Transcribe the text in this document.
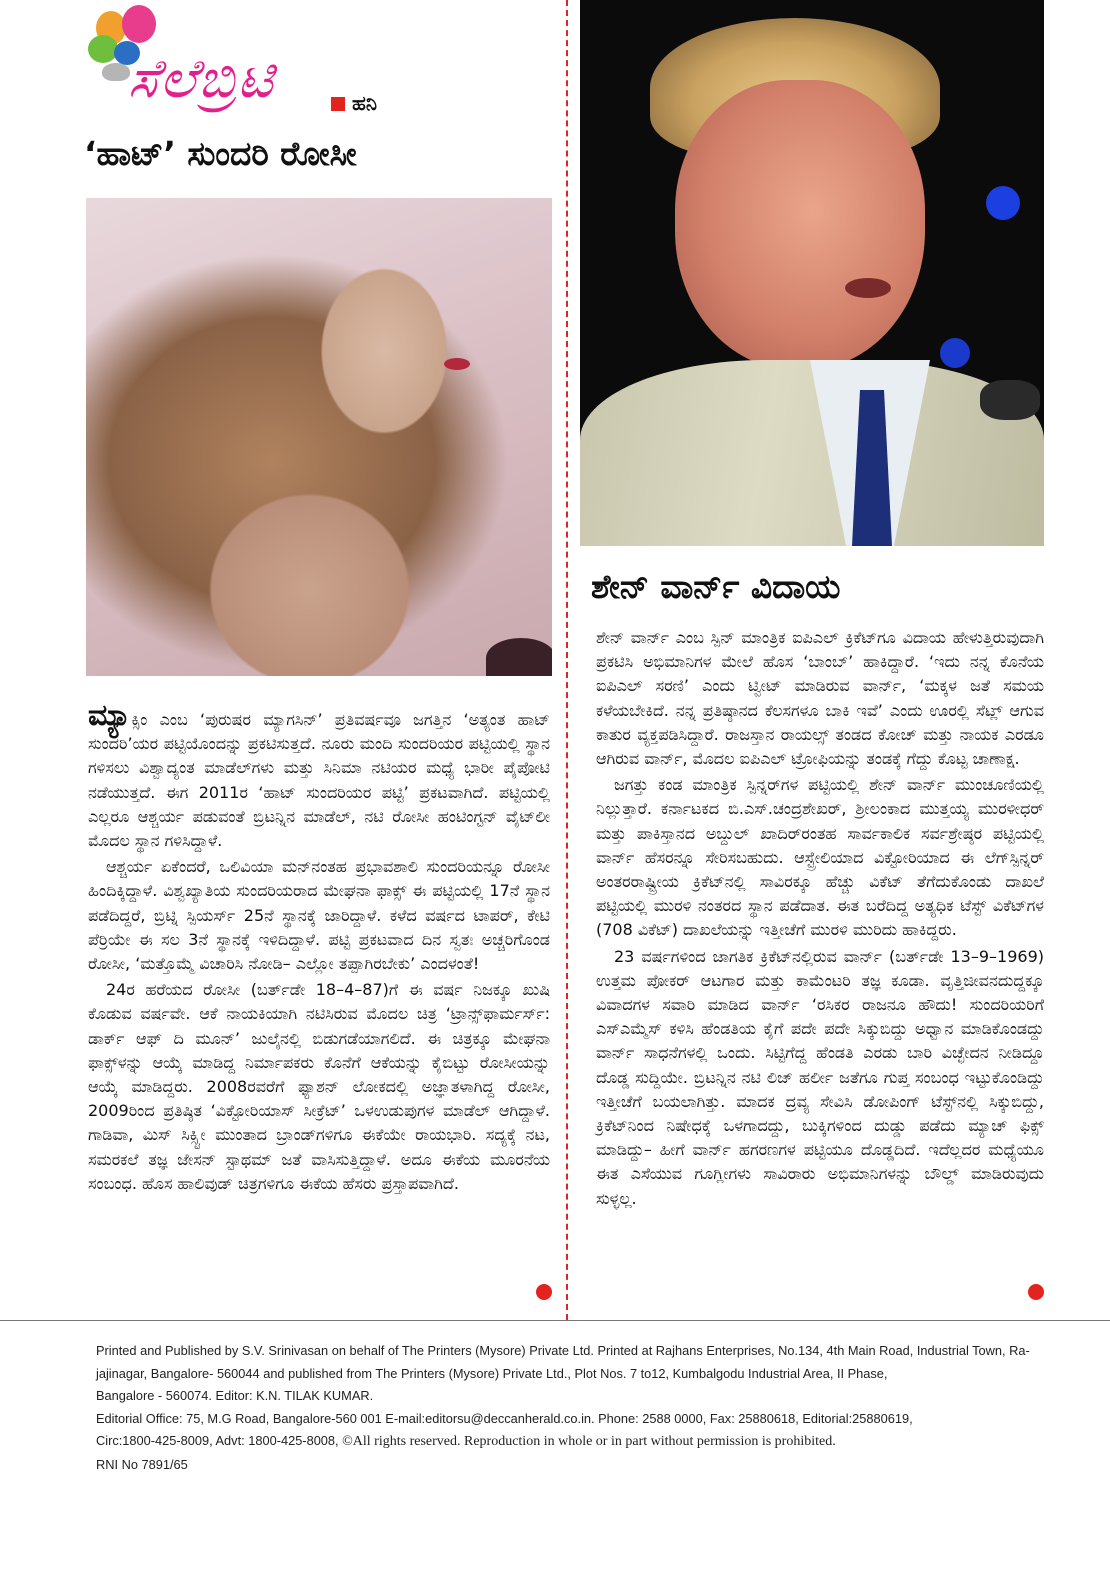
ಸೆಲೆಬ್ರಿಟಿ	ಹನಿ
‘ಹಾಟ್’ ಸುಂದರಿ ರೋಸೀ

ಮ್ಯಾಕ್ಸಿಂ ಎಂಬ ‘ಪುರುಷರ ಮ್ಯಾಗಸಿನ್’ ಪ್ರತಿವರ್ಷವೂ ಜಗತ್ತಿನ ‘ಅತ್ಯಂತ ಹಾಟ್ ಸುಂದರಿ’ಯರ ಪಟ್ಟಿಯೊಂದನ್ನು ಪ್ರಕಟಿಸುತ್ತದೆ. ನೂರು ಮಂದಿ ಸುಂದರಿಯರ ಪಟ್ಟಿಯಲ್ಲಿ ಸ್ಥಾನ ಗಳಿಸಲು ವಿಶ್ವಾದ್ಯಂತ ಮಾಡೆಲ್‌ಗಳು ಮತ್ತು ಸಿನಿಮಾ ನಟಿಯರ ಮಧ್ಯೆ ಭಾರೀ ಪೈಪೋಟಿ ನಡೆಯುತ್ತದೆ. ಈಗ 2011ರ ‘ಹಾಟ್ ಸುಂದರಿಯರ ಪಟ್ಟಿ’ ಪ್ರಕಟವಾಗಿದೆ. ಪಟ್ಟಿಯಲ್ಲಿ ಎಲ್ಲರೂ ಆಶ್ಚರ್ಯ ಪಡುವಂತೆ ಬ್ರಿಟನ್ನಿನ ಮಾಡೆಲ್, ನಟಿ ರೋಸೀ ಹಂಟಿಂಗ್ಟನ್ ವೈಟ್‌ಲೀ ಮೊದಲ ಸ್ಥಾನ ಗಳಿಸಿದ್ದಾಳೆ.

ಆಶ್ಚರ್ಯ ಏಕೆಂದರೆ, ಒಲಿವಿಯಾ ಮನ್‌ನಂತಹ ಪ್ರಭಾವಶಾಲಿ ಸುಂದರಿಯನ್ನೂ ರೋಸೀ ಹಿಂದಿಕ್ಕಿದ್ದಾಳೆ. ವಿಶ್ವಖ್ಯಾತಿಯ ಸುಂದರಿಯರಾದ ಮೇಘನಾ ಫಾಕ್ಸ್ ಈ ಪಟ್ಟಿಯಲ್ಲಿ 17ನೆ ಸ್ಥಾನ ಪಡೆದಿದ್ದರೆ, ಬ್ರಿಟ್ನಿ ಸ್ಪಿಯರ್ಸ್ 25ನೆ ಸ್ಥಾನಕ್ಕೆ ಜಾರಿದ್ದಾಳೆ. ಕಳೆದ ವರ್ಷದ ಟಾಪರ್, ಕೇಟಿ ಪೆರ್ರಿಯೇ ಈ ಸಲ 3ನೆ ಸ್ಥಾನಕ್ಕೆ ಇಳಿದಿದ್ದಾಳೆ. ಪಟ್ಟಿ ಪ್ರಕಟವಾದ ದಿನ ಸ್ವತಃ ಅಚ್ಚರಿಗೊಂಡ ರೋಸೀ, ‘ಮತ್ತೊಮ್ಮೆ ವಿಚಾರಿಸಿ ನೋಡಿ– ಎಲ್ಲೋ ತಪ್ಪಾಗಿರಬೇಕು’ ಎಂದಳಂತೆ!

24ರ ಹರೆಯದ ರೋಸೀ (ಬರ್ತ್‌ಡೇ 18–4–87)ಗೆ ಈ ವರ್ಷ ನಿಜಕ್ಕೂ ಖುಷಿ ಕೊಡುವ ವರ್ಷವೇ. ಆಕೆ ನಾಯಕಿಯಾಗಿ ನಟಿಸಿರುವ ಮೊದಲ ಚಿತ್ರ ‘ಟ್ರಾನ್ಸ್‌ಫಾರ್ಮರ್ಸ್: ಡಾರ್ಕ್ ಆಫ್ ದಿ ಮೂನ್’ ಜುಲೈನಲ್ಲಿ ಬಿಡುಗಡೆಯಾಗಲಿದೆ. ಈ ಚಿತ್ರಕ್ಕೂ ಮೇಘನಾ ಫಾಕ್ಸ್‌ಳನ್ನು ಆಯ್ಕೆ ಮಾಡಿದ್ದ ನಿರ್ಮಾಪಕರು ಕೊನೆಗೆ ಆಕೆಯನ್ನು ಕೈಬಿಟ್ಟು ರೋಸೀಯನ್ನು ಆಯ್ಕೆ ಮಾಡಿದ್ದರು. 2008ರವರೆಗೆ ಫ್ಯಾಶನ್ ಲೋಕದಲ್ಲಿ ಅಜ್ಞಾತಳಾಗಿದ್ದ ರೋಸೀ, 2009ರಿಂದ ಪ್ರತಿಷ್ಠಿತ ‘ವಿಕ್ಟೋರಿಯಾಸ್ ಸೀಕ್ರೆಟ್’ ಒಳಉಡುಪುಗಳ ಮಾಡೆಲ್ ಆಗಿದ್ದಾಳೆ. ಗಾಡಿವಾ, ಮಿಸ್ ಸಿಕ್ಸ್ಟೀ ಮುಂತಾದ ಬ್ರಾಂಡ್‌ಗಳಿಗೂ ಈಕೆಯೇ ರಾಯಭಾರಿ. ಸದ್ಯಕ್ಕೆ ನಟ, ಸಮರಕಲೆ ತಜ್ಞ ಜೇಸನ್ ಸ್ಟಾಥಮ್ ಜತೆ ವಾಸಿಸುತ್ತಿದ್ದಾಳೆ. ಅದೂ ಈಕೆಯ ಮೂರನೆಯ ಸಂಬಂಧ. ಹೊಸ ಹಾಲಿವುಡ್ ಚಿತ್ರಗಳಿಗೂ ಈಕೆಯ ಹೆಸರು ಪ್ರಸ್ತಾಪವಾಗಿದೆ.

ಶೇನ್ ವಾರ್ನ್ ವಿದಾಯ

ಶೇನ್ ವಾರ್ನ್ ಎಂಬ ಸ್ಪಿನ್ ಮಾಂತ್ರಿಕ ಐಪಿಎಲ್ ಕ್ರಿಕೆಟ್‌ಗೂ ವಿದಾಯ ಹೇಳುತ್ತಿರುವುದಾಗಿ ಪ್ರಕಟಿಸಿ ಅಭಿಮಾನಿಗಳ ಮೇಲೆ ಹೊಸ ‘ಬಾಂಬ್’ ಹಾಕಿದ್ದಾರೆ. ‘ಇದು ನನ್ನ ಕೊನೆಯ ಐಪಿಎಲ್ ಸರಣಿ’ ಎಂದು ಟ್ವೀಟ್ ಮಾಡಿರುವ ವಾರ್ನ್, ‘ಮಕ್ಕಳ ಜತೆ ಸಮಯ ಕಳೆಯಬೇಕಿದೆ. ನನ್ನ ಪ್ರತಿಷ್ಠಾನದ ಕೆಲಸಗಳೂ ಬಾಕಿ ಇವೆ’ ಎಂದು ಊರಲ್ಲಿ ಸೆಟ್ಲ್ ಆಗುವ ಕಾತುರ ವ್ಯಕ್ತಪಡಿಸಿದ್ದಾರೆ. ರಾಜಸ್ತಾನ ರಾಯಲ್ಸ್ ತಂಡದ ಕೋಚ್ ಮತ್ತು ನಾಯಕ ಎರಡೂ ಆಗಿರುವ ವಾರ್ನ್, ಮೊದಲ ಐಪಿಎಲ್ ಟ್ರೋಫಿಯನ್ನು ತಂಡಕ್ಕೆ ಗೆದ್ದು ಕೊಟ್ಟ ಚಾಣಾಕ್ಷ.

ಜಗತ್ತು ಕಂಡ ಮಾಂತ್ರಿಕ ಸ್ಪಿನ್ನರ್‌ಗಳ ಪಟ್ಟಿಯಲ್ಲಿ ಶೇನ್ ವಾರ್ನ್ ಮುಂಚೂಣಿಯಲ್ಲಿ ನಿಲ್ಲುತ್ತಾರೆ. ಕರ್ನಾಟಕದ ಬಿ.ಎಸ್.ಚಂದ್ರಶೇಖರ್, ಶ್ರೀಲಂಕಾದ ಮುತ್ತಯ್ಯ ಮುರಳೀಧರ್ ಮತ್ತು ಪಾಕಿಸ್ತಾನದ ಅಬ್ದುಲ್ ಖಾದಿರ್‌ರಂತಹ ಸಾರ್ವಕಾಲಿಕ ಸರ್ವಶ್ರೇಷ್ಠರ ಪಟ್ಟಿಯಲ್ಲಿ ವಾರ್ನ್ ಹೆಸರನ್ನೂ ಸೇರಿಸಬಹುದು. ಆಸ್ಟ್ರೇಲಿಯಾದ ವಿಕ್ಟೋರಿಯಾದ ಈ ಲೆಗ್‌ಸ್ಪಿನ್ನರ್ ಅಂತರರಾಷ್ಟ್ರೀಯ ಕ್ರಿಕೆಟ್‌ನಲ್ಲಿ ಸಾವಿರಕ್ಕೂ ಹೆಚ್ಚು ವಿಕೆಟ್ ತೆಗೆದುಕೊಂಡು ದಾಖಲೆ ಪಟ್ಟಿಯಲ್ಲಿ ಮುರಳಿ ನಂತರದ ಸ್ಥಾನ ಪಡೆದಾತ. ಈತ ಬರೆದಿದ್ದ ಅತ್ಯಧಿಕ ಟೆಸ್ಟ್ ವಿಕೆಟ್‌ಗಳ (708 ವಿಕೆಟ್) ದಾಖಲೆಯನ್ನು ಇತ್ತೀಚೆಗೆ ಮುರಳಿ ಮುರಿದು ಹಾಕಿದ್ದರು.

23 ವರ್ಷಗಳಿಂದ ಜಾಗತಿಕ ಕ್ರಿಕೆಟ್‌ನಲ್ಲಿರುವ ವಾರ್ನ್ (ಬರ್ತ್‌ಡೇ 13–9–1969) ಉತ್ತಮ ಪೋಕರ್ ಆಟಗಾರ ಮತ್ತು ಕಾಮೆಂಟರಿ ತಜ್ಞ ಕೂಡಾ. ವೃತ್ತಿಜೀವನದುದ್ದಕ್ಕೂ ವಿವಾದಗಳ ಸವಾರಿ ಮಾಡಿದ ವಾರ್ನ್ ‘ರಸಿಕರ ರಾಜನೂ ಹೌದು! ಸುಂದರಿಯರಿಗೆ ಎಸ್‌ಎಮ್ಮೆಸ್ ಕಳಿಸಿ ಹೆಂಡತಿಯ ಕೈಗೆ ಪದೇ ಪದೇ ಸಿಕ್ಕುಬಿದ್ದು ಅಧ್ವಾನ ಮಾಡಿಕೊಂಡದ್ದು ವಾರ್ನ್ ಸಾಧನೆಗಳಲ್ಲಿ ಒಂದು. ಸಿಟ್ಟಿಗೆದ್ದ ಹೆಂಡತಿ ಎರಡು ಬಾರಿ ವಿಚ್ಛೇದನ ನೀಡಿದ್ದೂ ದೊಡ್ಡ ಸುದ್ದಿಯೇ. ಬ್ರಿಟನ್ನಿನ ನಟಿ ಲಿಜ್ ಹರ್ಲೀ ಜತೆಗೂ ಗುಪ್ತ ಸಂಬಂಧ ಇಟ್ಟುಕೊಂಡಿದ್ದು ಇತ್ತೀಚೆಗೆ ಬಯಲಾಗಿತ್ತು. ಮಾದಕ ದ್ರವ್ಯ ಸೇವಿಸಿ ಡೋಪಿಂಗ್ ಟೆಸ್ಟ್‌ನಲ್ಲಿ ಸಿಕ್ಕುಬಿದ್ದು, ಕ್ರಿಕೆಟ್‌ನಿಂದ ನಿಷೇಧಕ್ಕೆ ಒಳಗಾದದ್ದು, ಬುಕ್ಕಿಗಳಿಂದ ದುಡ್ಡು ಪಡೆದು ಮ್ಯಾಚ್ ಫಿಕ್ಸ್ ಮಾಡಿದ್ದು– ಹೀಗೆ ವಾರ್ನ್ ಹಗರಣಗಳ ಪಟ್ಟಿಯೂ ದೊಡ್ಡದಿದೆ. ಇದೆಲ್ಲದರ ಮಧ್ಯೆಯೂ ಈತ ಎಸೆಯುವ ಗೂಗ್ಲೀಗಳು ಸಾವಿರಾರು ಅಭಿಮಾನಿಗಳನ್ನು ಬೌಲ್ಡ್ ಮಾಡಿರುವುದು ಸುಳ್ಳಲ್ಲ.

Printed and Published by S.V. Srinivasan on behalf of The Printers (Mysore) Private Ltd. Printed at Rajhans Enterprises, No.134, 4th Main Road, Industrial Town, Ra-
jajinagar, Bangalore- 560044 and published from The Printers (Mysore) Private Ltd., Plot Nos. 7 to12, Kumbalgodu Industrial Area, II Phase,
Bangalore - 560074. Editor: K.N. TILAK KUMAR.
Editorial Office: 75, M.G Road, Bangalore-560 001 E-mail:editorsu@deccanherald.co.in. Phone: 2588 0000, Fax: 25880618, Editorial:25880619,
Circ:1800-425-8009, Advt: 1800-425-8008, ©All rights reserved. Reproduction in whole or in part without permission is prohibited.
RNI No 7891/65
